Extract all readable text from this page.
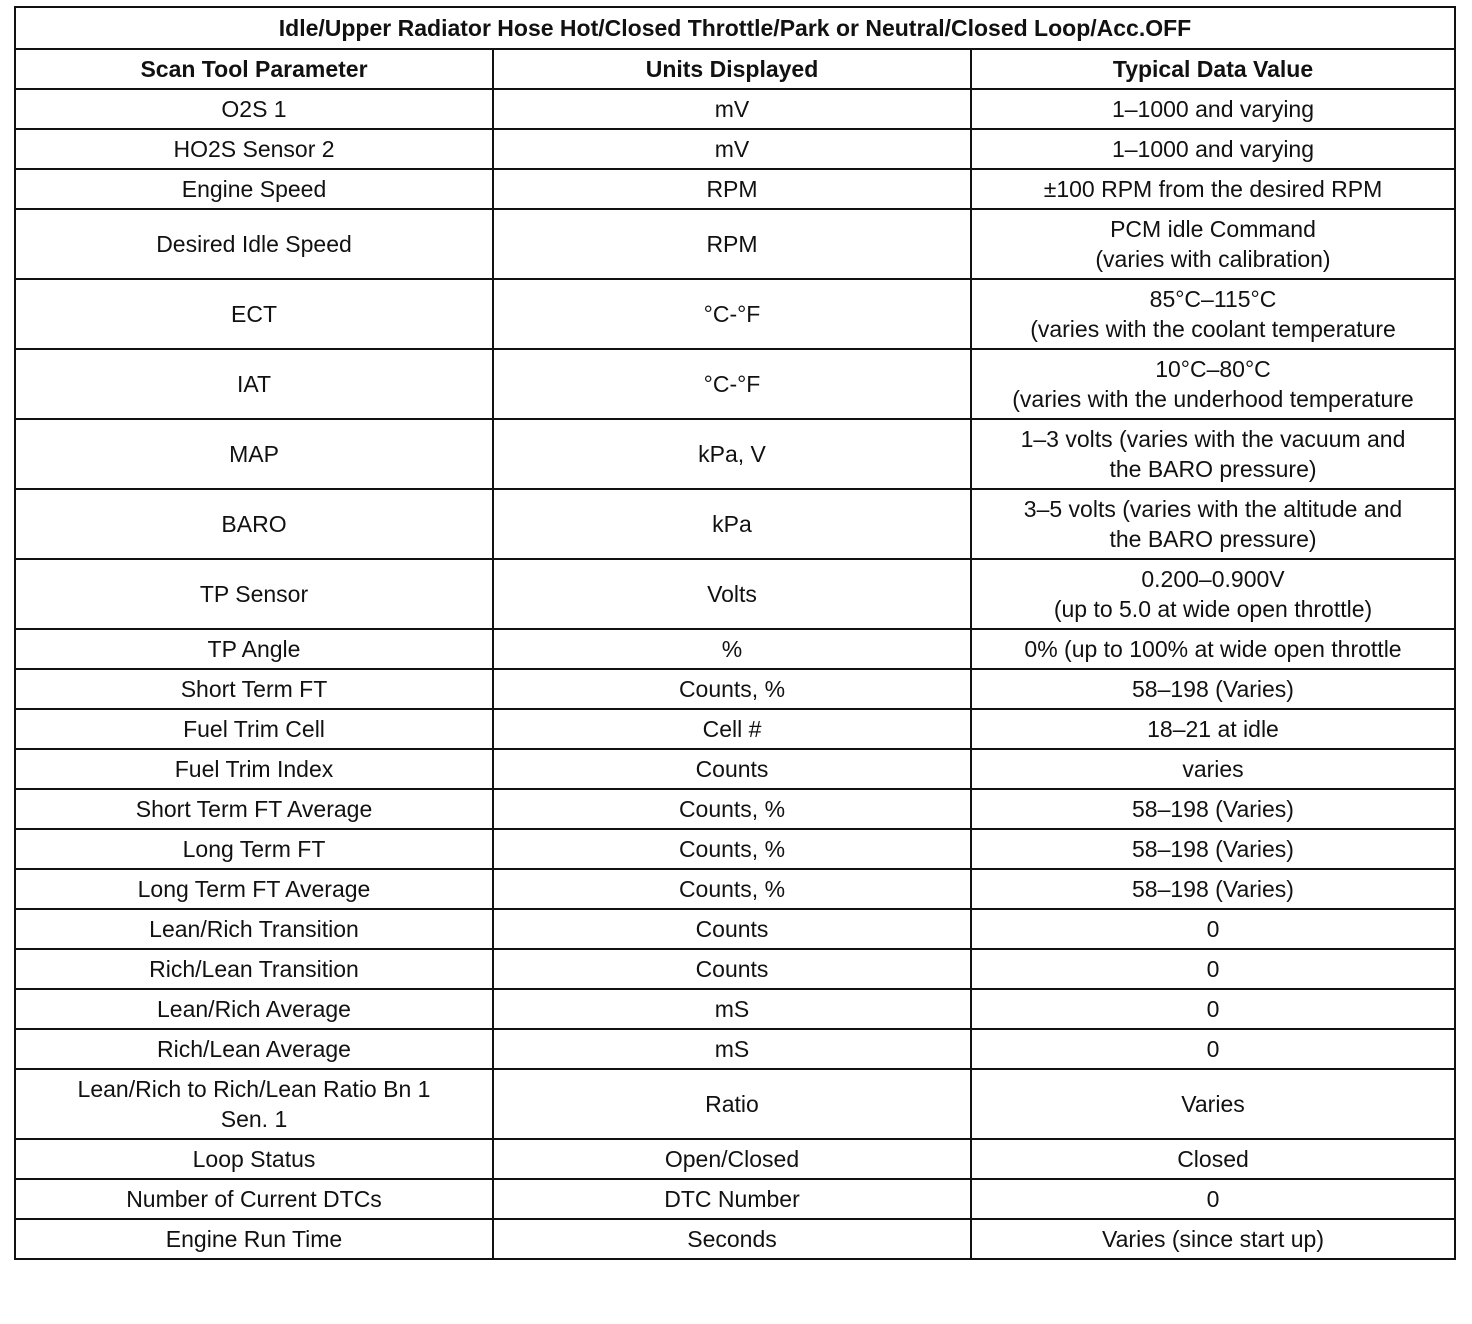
Idle/Upper Radiator Hose Hot/Closed Throttle/Park or Neutral/Closed Loop/Acc.OFF		
Scan Tool Parameter	Units Displayed	Typical Data Value
O2S 1	mV	1–1000 and varying
HO2S Sensor 2	mV	1–1000 and varying
Engine Speed	RPM	±100 RPM from the desired RPM
Desired Idle Speed	RPM	PCM idle Command
(varies with calibration)

ECT	°C-°F	85°C–115°C
(varies with the coolant temperature

IAT	°C-°F	10°C–80°C
(varies with the underhood temperature

MAP	kPa, V	1–3 volts (varies with the vacuum and
the BARO pressure)

BARO	kPa	3–5 volts (varies with the altitude and
the BARO pressure)

TP Sensor	Volts	0.200–0.900V
(up to 5.0 at wide open throttle)

TP Angle	%	0% (up to 100% at wide open throttle
Short Term FT	Counts, %	58–198 (Varies)
Fuel Trim Cell	Cell #	18–21 at idle
Fuel Trim Index	Counts	varies
Short Term FT Average	Counts, %	58–198 (Varies)
Long Term FT	Counts, %	58–198 (Varies)
Long Term FT Average	Counts, %	58–198 (Varies)
Lean/Rich Transition	Counts	0
Rich/Lean Transition	Counts	0
Lean/Rich Average	mS	0
Rich/Lean Average	mS	0

Lean/Rich to Rich/Lean Ratio Bn 1
Sen. 1	Ratio	Varies
Loop Status	Open/Closed	Closed
Number of Current DTCs	DTC Number	0
Engine Run Time	Seconds	Varies (since start up)
